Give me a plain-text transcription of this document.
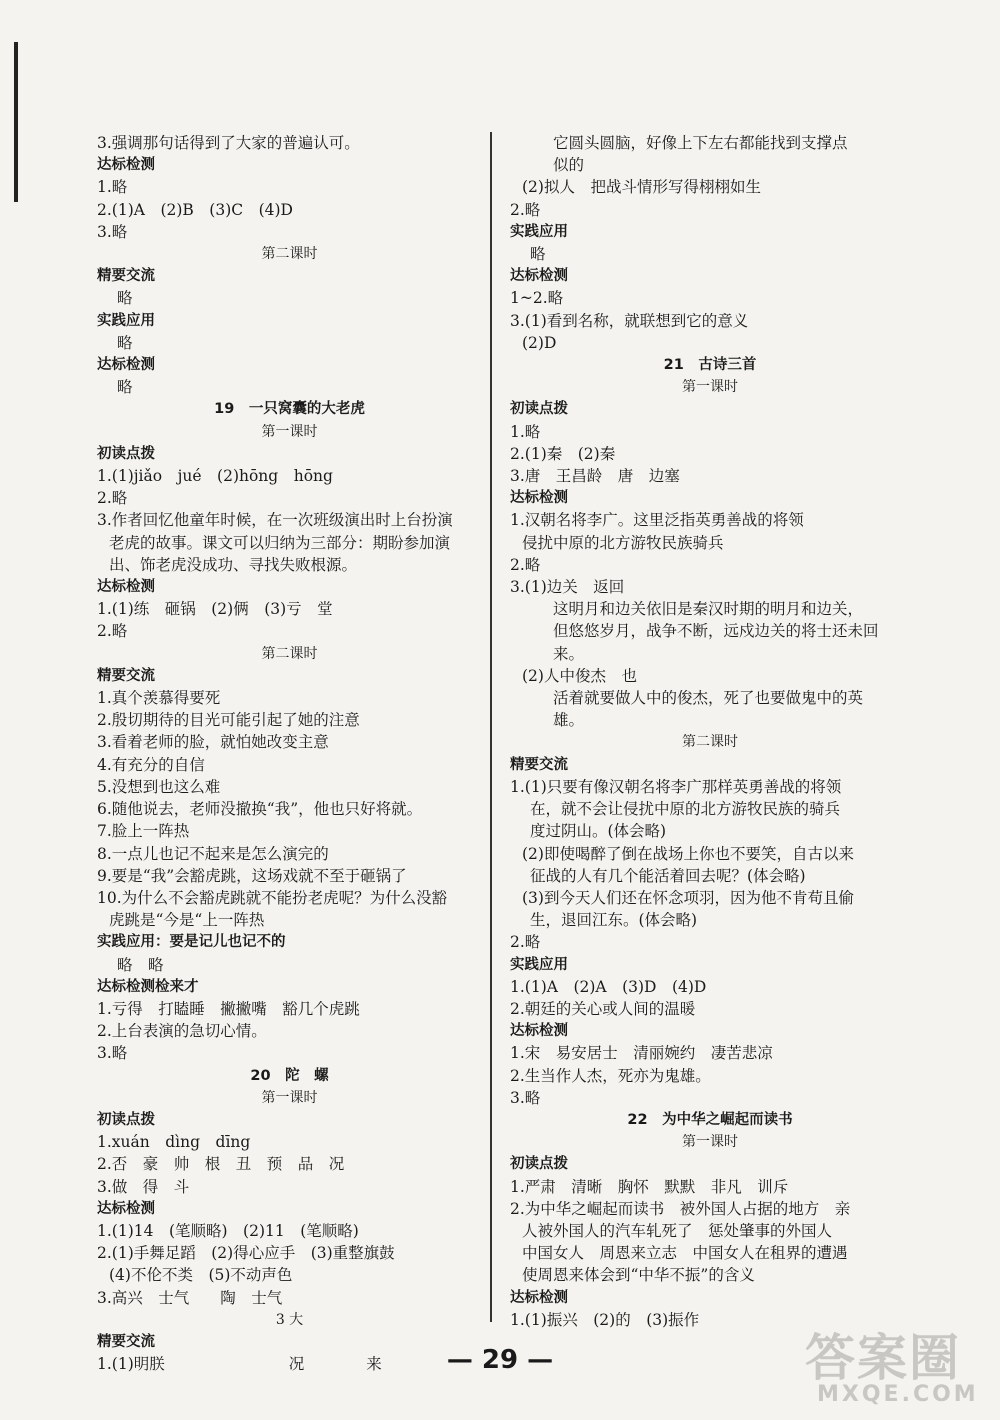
3.强调那句话得到了大家的普遍认可。
达标检测
1.略
2.(1)A　(2)B　(3)C　(4)D
3.略
第二课时
精要交流
略
实践应用
略
达标检测
略
19　一只窝囊的大老虎
第一课时
初读点拨
1.(1)jiǎo　jué　(2)hōng　hōng
2.略
3.作者回忆他童年时候，在一次班级演出时上台扮演
老虎的故事。课文可以归纳为三部分：期盼参加演
出、饰老虎没成功、寻找失败根源。
达标检测
1.(1)练　砸锅　(2)俩　(3)亏　堂
2.略
第二课时
精要交流
1.真个羡慕得要死
2.殷切期待的目光可能引起了她的注意
3.看着老师的脸，就怕她改变主意
4.有充分的自信
5.没想到也这么难
6.随他说去，老师没撤换“我”，他也只好将就。
7.脸上一阵热
8.一点儿也记不起来是怎么演完的
9.要是“我”会豁虎跳，这场戏就不至于砸锅了
10.为什么不会豁虎跳就不能扮老虎呢？为什么没豁
虎跳是“今是“上一阵热
实践应用：要是记儿也记不的
略　略
达标检测检来才
1.亏得　打瞌睡　撇撇嘴　豁几个虎跳
2.上台表演的急切心情。
3.略
20　陀　螺
第一课时
初读点拨
1.xuán　dìng　dīng
2.否　豪　帅　根　丑　预　品　况
3.做　得　斗
达标检测
1.(1)14　(笔顺略)　(2)11　(笔顺略)
2.(1)手舞足蹈　(2)得心应手　(3)重整旗鼓
(4)不伦不类　(5)不动声色
3.高兴　士气　　陶　士气
3 大
精要交流
1.(1)明朕　　　　　　　　况　　　　来
它圆头圆脑，好像上下左右都能找到支撑点
似的
(2)拟人　把战斗情形写得栩栩如生
2.略
实践应用
略
达标检测
1~2.略
3.(1)看到名称，就联想到它的意义
(2)D
21　古诗三首
第一课时
初读点拨
1.略
2.(1)秦　(2)秦
3.唐　王昌龄　唐　边塞
达标检测
1.汉朝名将李广。这里泛指英勇善战的将领
侵扰中原的北方游牧民族骑兵
2.略
3.(1)边关　返回
这明月和边关依旧是秦汉时期的明月和边关，
但悠悠岁月，战争不断，远戍边关的将士还未回
来。
(2)人中俊杰　也
活着就要做人中的俊杰，死了也要做鬼中的英
雄。
第二课时
精要交流
1.(1)只要有像汉朝名将李广那样英勇善战的将领
在，就不会让侵扰中原的北方游牧民族的骑兵
度过阴山。(体会略)
(2)即使喝醉了倒在战场上你也不要笑，自古以来
征战的人有几个能活着回去呢？(体会略)
(3)到今天人们还在怀念项羽，因为他不肯苟且偷
生，退回江东。(体会略)
2.略
实践应用
1.(1)A　(2)A　(3)D　(4)D
2.朝廷的关心或人间的温暖
达标检测
1.宋　易安居士　清丽婉约　凄苦悲凉
2.生当作人杰，死亦为鬼雄。
3.略
22　为中华之崛起而读书
第一课时
初读点拨
1.严肃　清晰　胸怀　默默　非凡　训斥
2.为中华之崛起而读书　被外国人占据的地方　亲
人被外国人的汽车轧死了　惩处肇事的外国人
中国女人　周恩来立志　中国女人在租界的遭遇
使周恩来体会到“中华不振”的含义
达标检测
1.(1)振兴　(2)的　(3)振作
— 29 —	答案圈
MXQE.COM
